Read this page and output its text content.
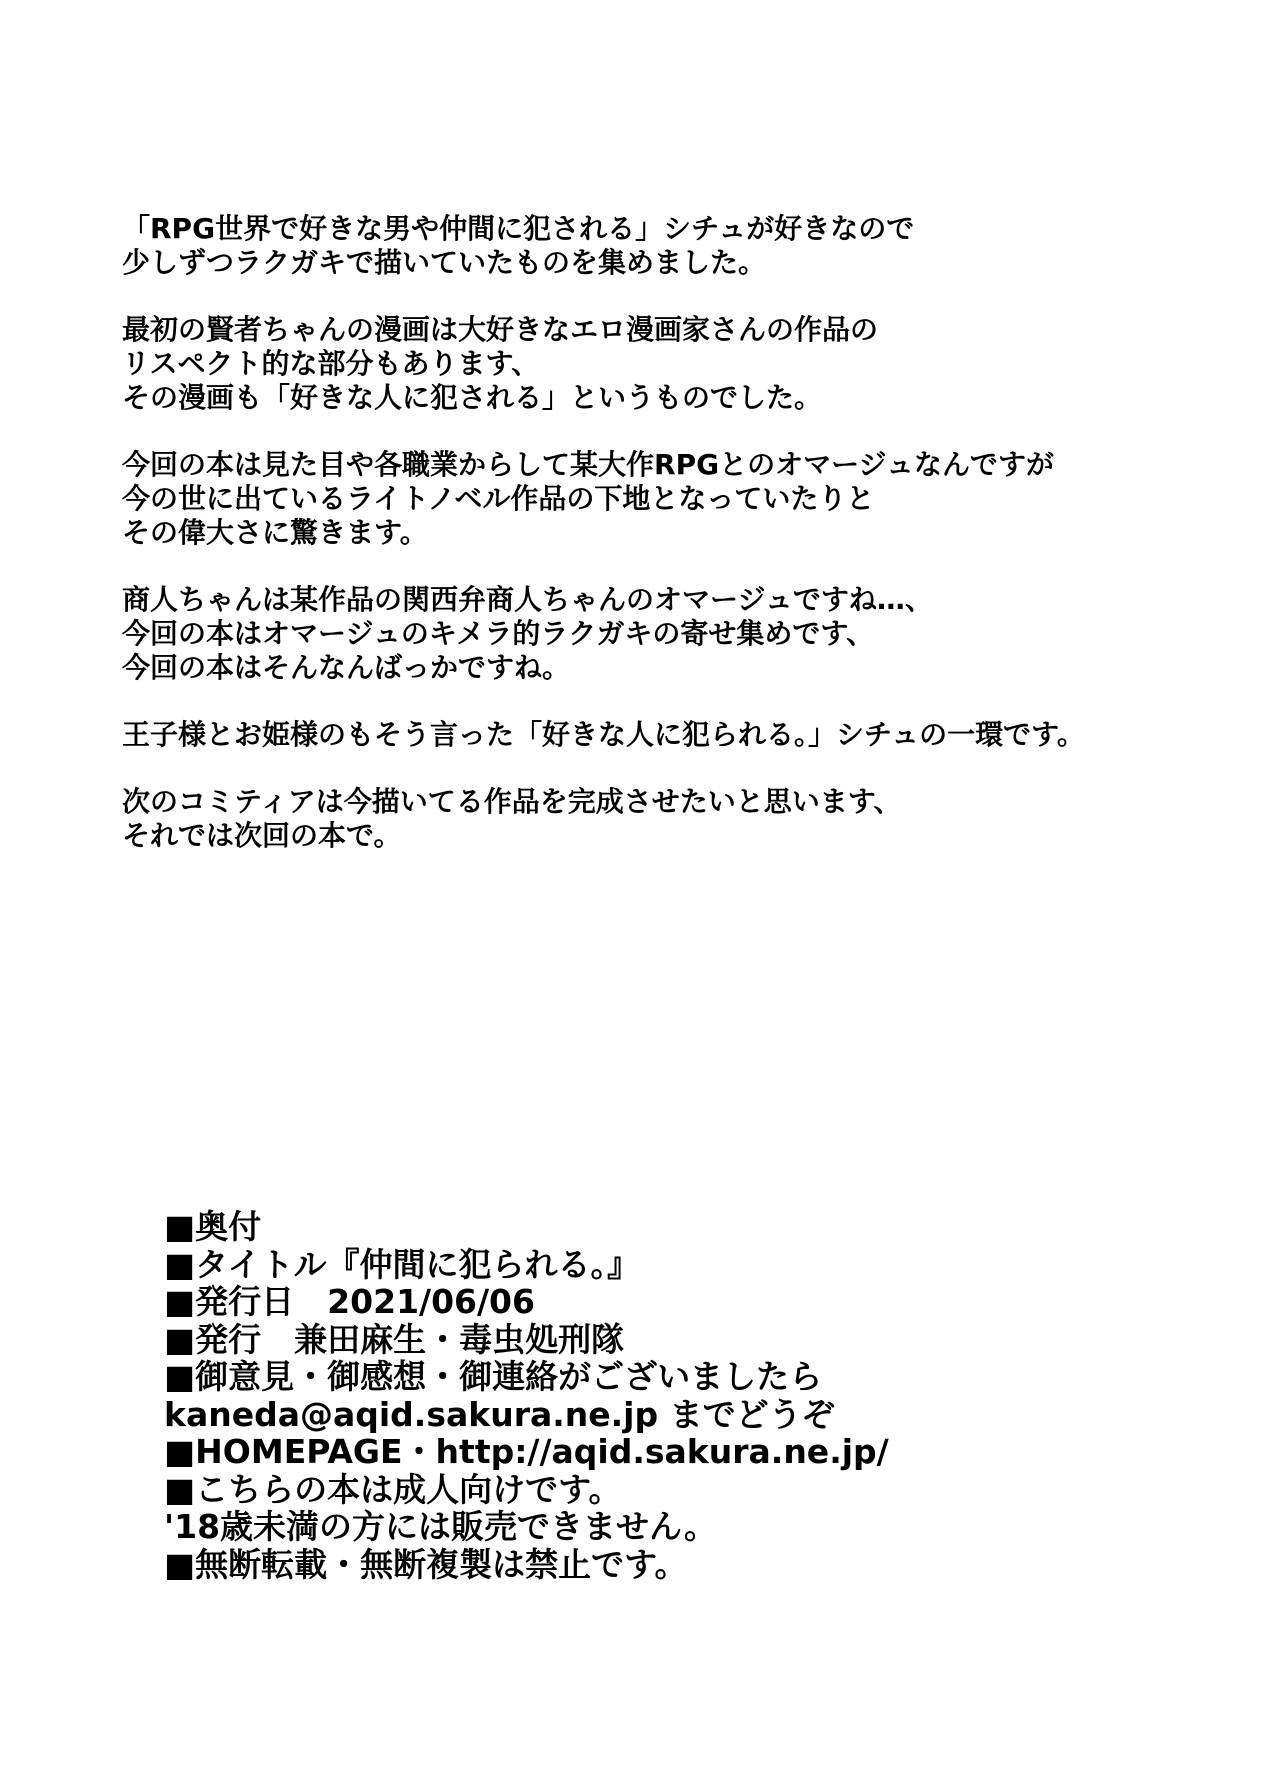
「RPG世界で好きな男や仲間に犯される」シチュが好きなので
少しずつラクガキで描いていたものを集めました。
最初の賢者ちゃんの漫画は大好きなエロ漫画家さんの作品の
リスペクト的な部分もあります、
その漫画も「好きな人に犯される」というものでした。
今回の本は見た目や各職業からして某大作RPGとのオマージュなんですが
今の世に出ているライトノベル作品の下地となっていたりと
その偉大さに驚きます。
商人ちゃんは某作品の関西弁商人ちゃんのオマージュですね…、
今回の本はオマージュのキメラ的ラクガキの寄せ集めです、
今回の本はそんなんばっかですね。
王子様とお姫様のもそう言った「好きな人に犯られる。」シチュの一環です。
次のコミティアは今描いてる作品を完成させたいと思います、
それでは次回の本で。
■奥付
■タイトル『仲間に犯られる。』
■発行日　2021/06/06
■発行　兼田麻生・毒虫処刑隊
■御意見・御感想・御連絡がございましたら
kaneda@aqid.sakura.ne.jp までどうぞ
■HOMEPAGE・http://aqid.sakura.ne.jp/
■こちらの本は成人向けです。
'18歳未満の方には販売できません。
■無断転載・無断複製は禁止です。
